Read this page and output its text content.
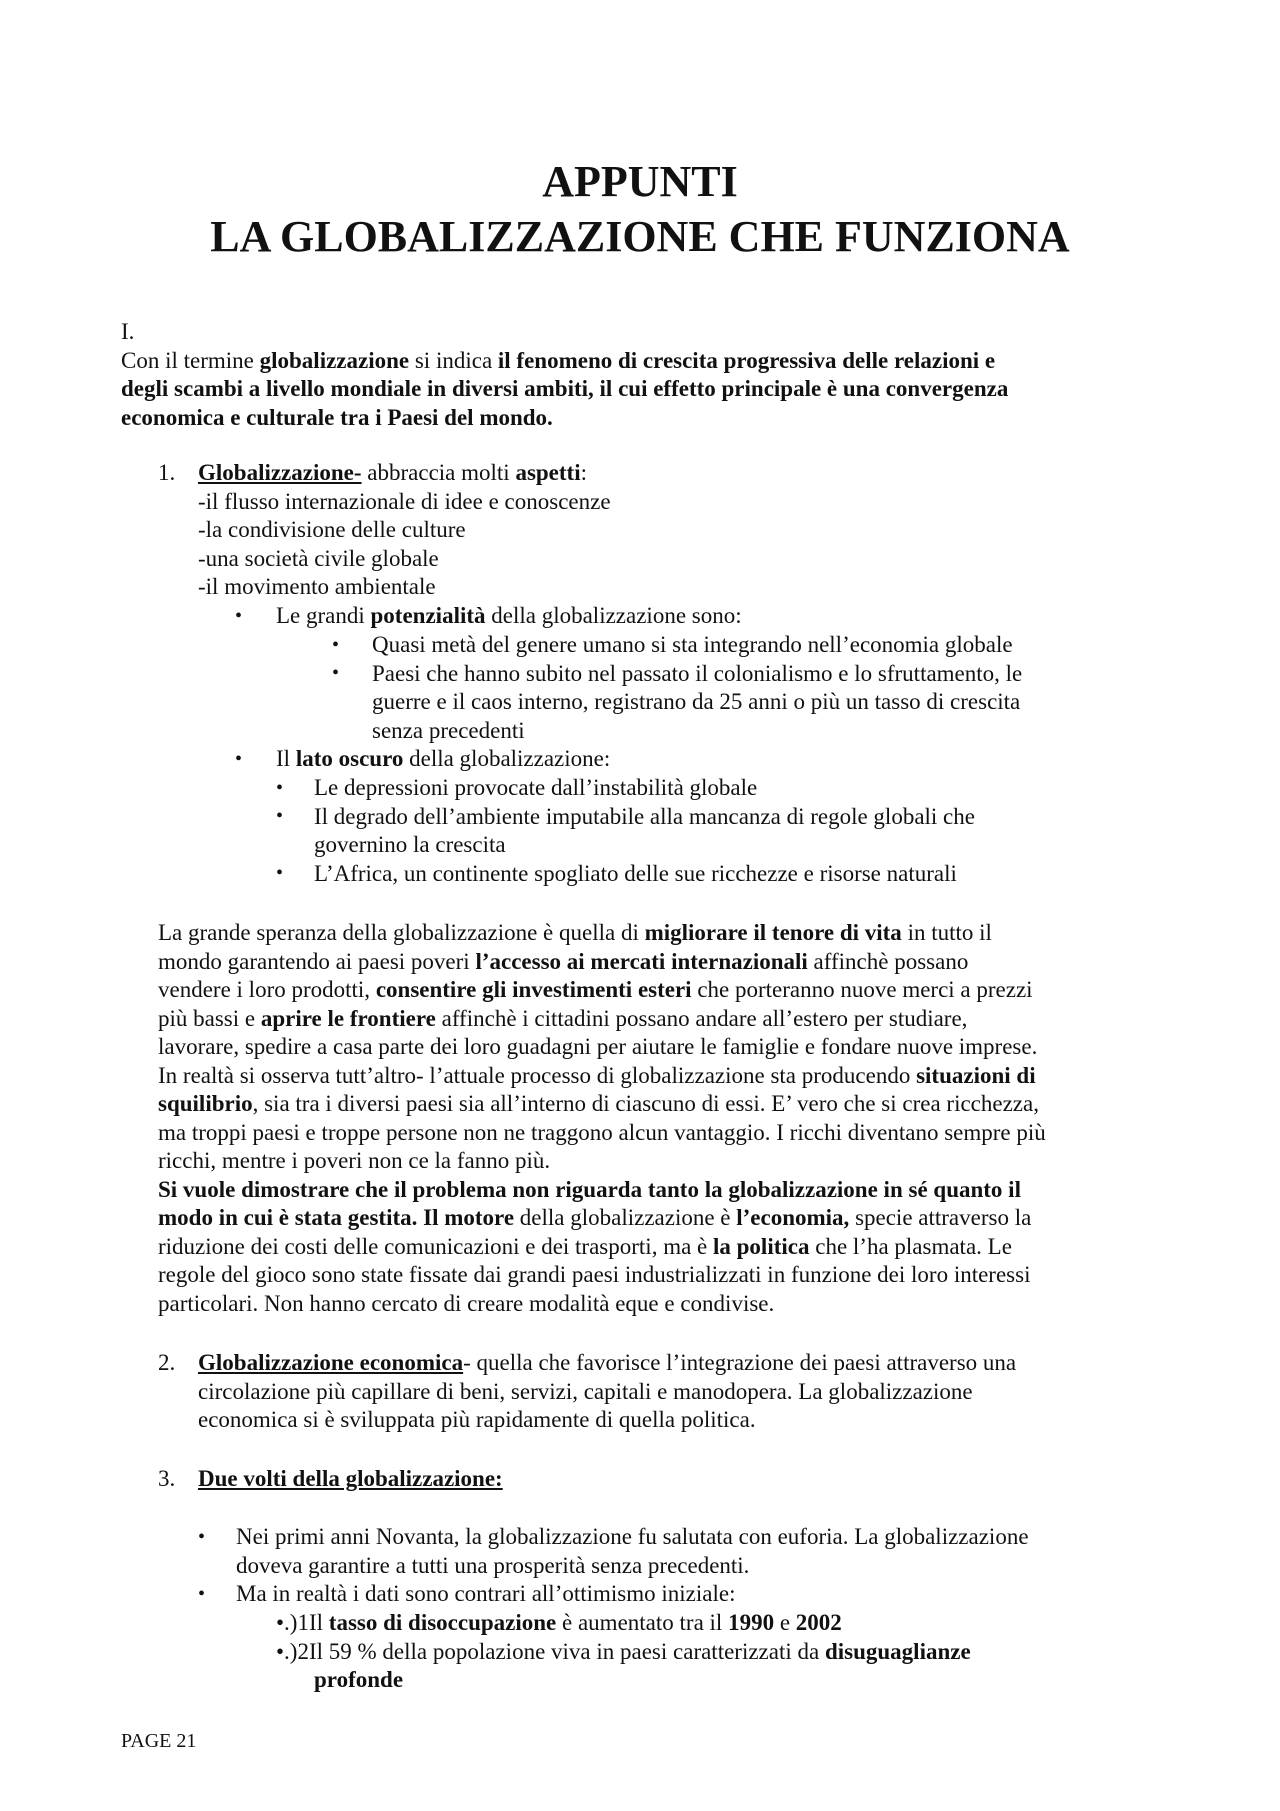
APPUNTI
LA GLOBALIZZAZIONE CHE FUNZIONA
I.
Con il termine globalizzazione si indica il fenomeno di crescita progressiva delle relazioni e
degli scambi a livello mondiale in diversi ambiti, il cui effetto principale è una convergenza
economica e culturale tra i Paesi del mondo.
1. Globalizzazione- abbraccia molti aspetti:
-il flusso internazionale di idee e conoscenze
-la condivisione delle culture
-una società civile globale
-il movimento ambientale
• Le grandi potenzialità della globalizzazione sono:
•
•
Quasi metà del genere umano si sta integrando nell’economia globale
Paesi che hanno subito nel passato il colonialismo e lo sfruttamento, le
guerre e il caos interno, registrano da 25 anni o più un tasso di crescita
senza precedenti
• Il lato oscuro della globalizzazione:
•
•
•
Le depressioni provocate dall’instabilità globale
Il degrado dell’ambiente imputabile alla mancanza di regole globali che
governino la crescita
L’Africa, un continente spogliato delle sue ricchezze e risorse naturali
La grande speranza della globalizzazione è quella di migliorare il tenore di vita in tutto il
mondo garantendo ai paesi poveri l’accesso ai mercati internazionali affinchè possano
vendere i loro prodotti, consentire gli investimenti esteri che porteranno nuove merci a prezzi
più bassi e aprire le frontiere affinchè i cittadini possano andare all’estero per studiare,
lavorare, spedire a casa parte dei loro guadagni per aiutare le famiglie e fondare nuove imprese.
In realtà si osserva tutt’altro- l’attuale processo di globalizzazione sta producendo situazioni di
squilibrio, sia tra i diversi paesi sia all’interno di ciascuno di essi. E’ vero che si crea ricchezza,
ma troppi paesi e troppe persone non ne traggono alcun vantaggio. I ricchi diventano sempre più
ricchi, mentre i poveri non ce la fanno più.
Si vuole dimostrare che il problema non riguarda tanto la globalizzazione in sé quanto il
modo in cui è stata gestita. Il motore della globalizzazione è l’economia, specie attraverso la
riduzione dei costi delle comunicazioni e dei trasporti, ma è la politica che l’ha plasmata. Le
regole del gioco sono state fissate dai grandi paesi industrializzati in funzione dei loro interessi
particolari. Non hanno cercato di creare modalità eque e condivise.
2. Globalizzazione economica- quella che favorisce l’integrazione dei paesi attraverso una
circolazione più capillare di beni, servizi, capitali e manodopera. La globalizzazione
economica si è sviluppata più rapidamente di quella politica.
3. Due volti della globalizzazione:
• Nei primi anni Novanta, la globalizzazione fu salutata con euforia. La globalizzazione
doveva garantire a tutti una prosperità senza precedenti.
• Ma in realtà i dati sono contrari all’ottimismo iniziale:
•.)1Il tasso di disoccupazione è aumentato tra il 1990 e 2002
•.)2Il 59 % della popolazione viva in paesi caratterizzati da disuguaglianze
profonde
PAGE 21
